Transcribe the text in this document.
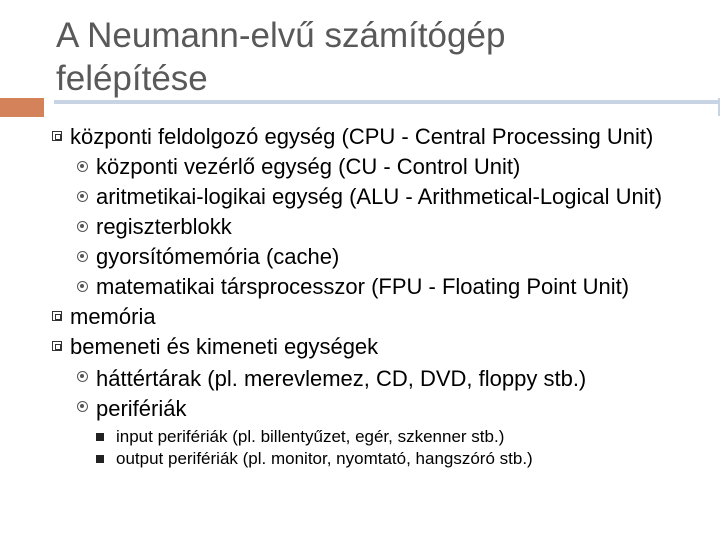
A Neumann-elvű számítógép felépítése
központi feldolgozó egység (CPU - Central Processing Unit)
központi vezérlő egység (CU - Control Unit)
aritmetikai-logikai egység (ALU - Arithmetical-Logical Unit)
regiszterblokk
gyorsítómemória (cache)
matematikai társprocesszor (FPU - Floating Point Unit)
memória
bemeneti és kimeneti egységek
háttértárak (pl. merevlemez, CD, DVD, floppy stb.)
perifériák
input perifériák (pl. billentyűzet, egér, szkenner stb.)
output perifériák (pl. monitor, nyomtató, hangszóró stb.)
